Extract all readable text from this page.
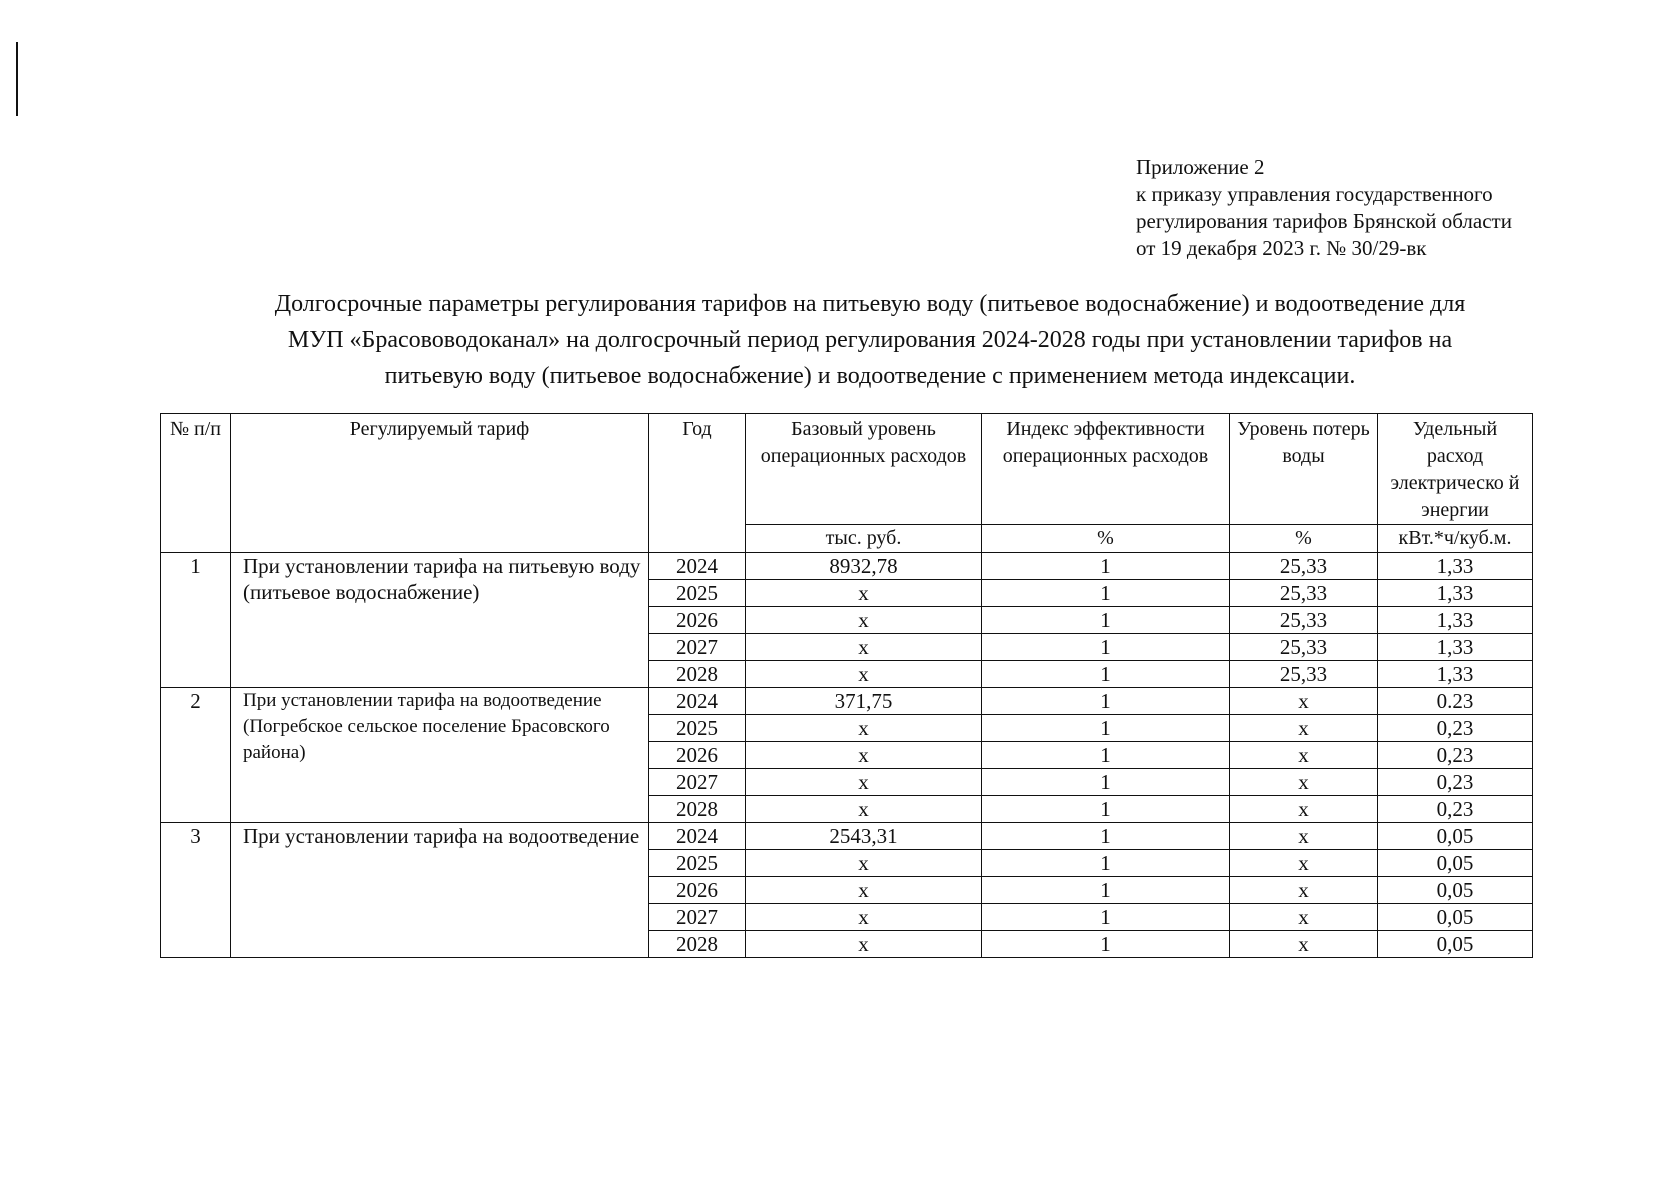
Приложение 2
к приказу управления государственного
регулирования тарифов Брянской области
от 19 декабря 2023 г. № 30/29-вк
Долгосрочные параметры регулирования тарифов на питьевую воду (питьевое водоснабжение) и водоотведение для
МУП «Брасововодоканал» на долгосрочный период регулирования 2024-2028 годы при установлении тарифов на
питьевую воду (питьевое водоснабжение) и водоотведение с применением метода индексации.
№ п/п	Регулируемый тариф	Год	Базовый уровень операционных расходов	Индекс эффективности операционных расходов	Уровень потерь воды	Удельный расход электрическо й энергии
			тыс. руб.	%	%	кВт.*ч/куб.м.
1	При установлении тарифа на питьевую воду (питьевое водоснабжение)	2024	8932,78	1	25,33	1,33
		2025	x	1	25,33	1,33
		2026	x	1	25,33	1,33
		2027	x	1	25,33	1,33
		2028	x	1	25,33	1,33
2	При установлении тарифа на водоотведение (Погребское сельское поселение Брасовского района)	2024	371,75	1	x	0.23
		2025	x	1	x	0,23
		2026	x	1	x	0,23
		2027	x	1	x	0,23
		2028	x	1	x	0,23
3	При установлении тарифа на водоотведение	2024	2543,31	1	x	0,05
		2025	x	1	x	0,05
		2026	x	1	x	0,05
		2027	x	1	x	0,05
		2028	x	1	x	0,05
